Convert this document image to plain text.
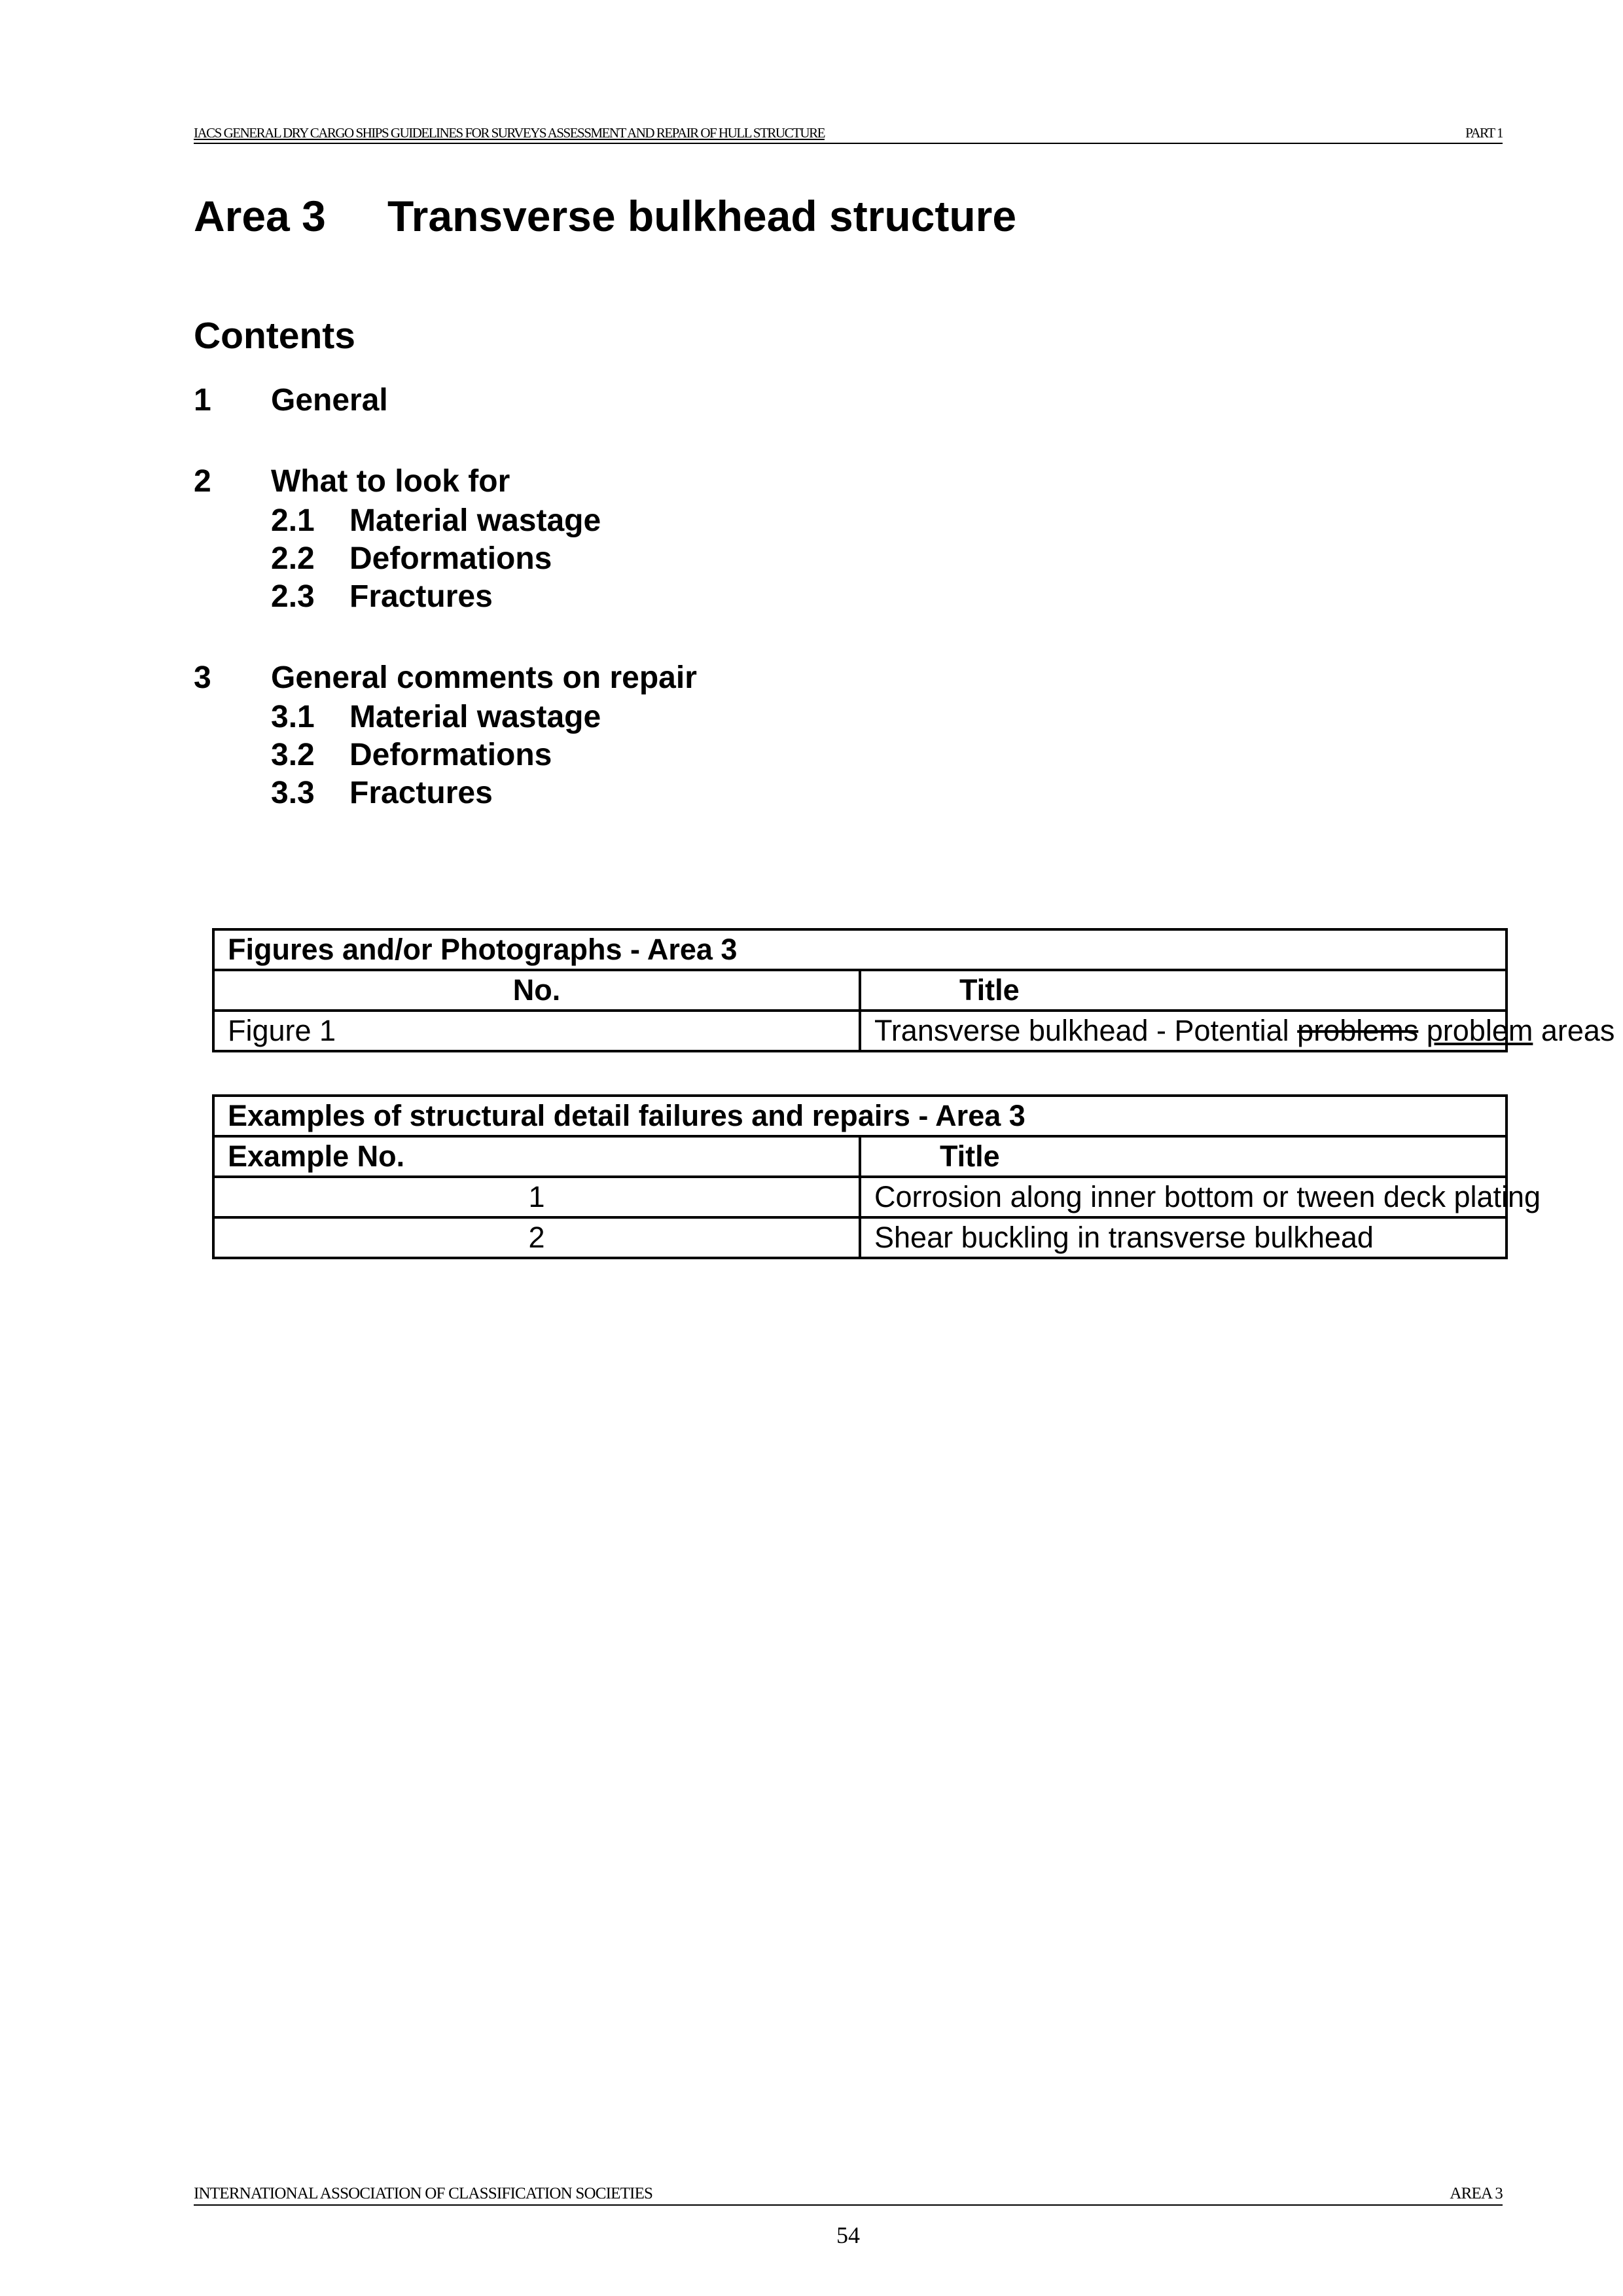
IACS GENERAL DRY CARGO SHIPS GUIDELINES FOR SURVEYS ASSESSMENT AND REPAIR OF HULL STRUCTURE	PART 1
Area 3 Transverse bulkhead structure
Contents
1 General
2 What to look for
2.1 Material wastage
2.2 Deformations
2.3 Fractures
3 General comments on repair
3.1 Material wastage
3.2 Deformations
3.3 Fractures
Figures and/or Photographs - Area 3	
No.	Title
Figure 1	Transverse bulkhead - Potential problems problem areas
Examples of structural detail failures and repairs - Area 3	
Example No.	Title
1	Corrosion along inner bottom or tween deck plating
2	Shear buckling in transverse bulkhead
INTERNATIONAL ASSOCIATION OF CLASSIFICATION SOCIETIES	AREA 3
54
